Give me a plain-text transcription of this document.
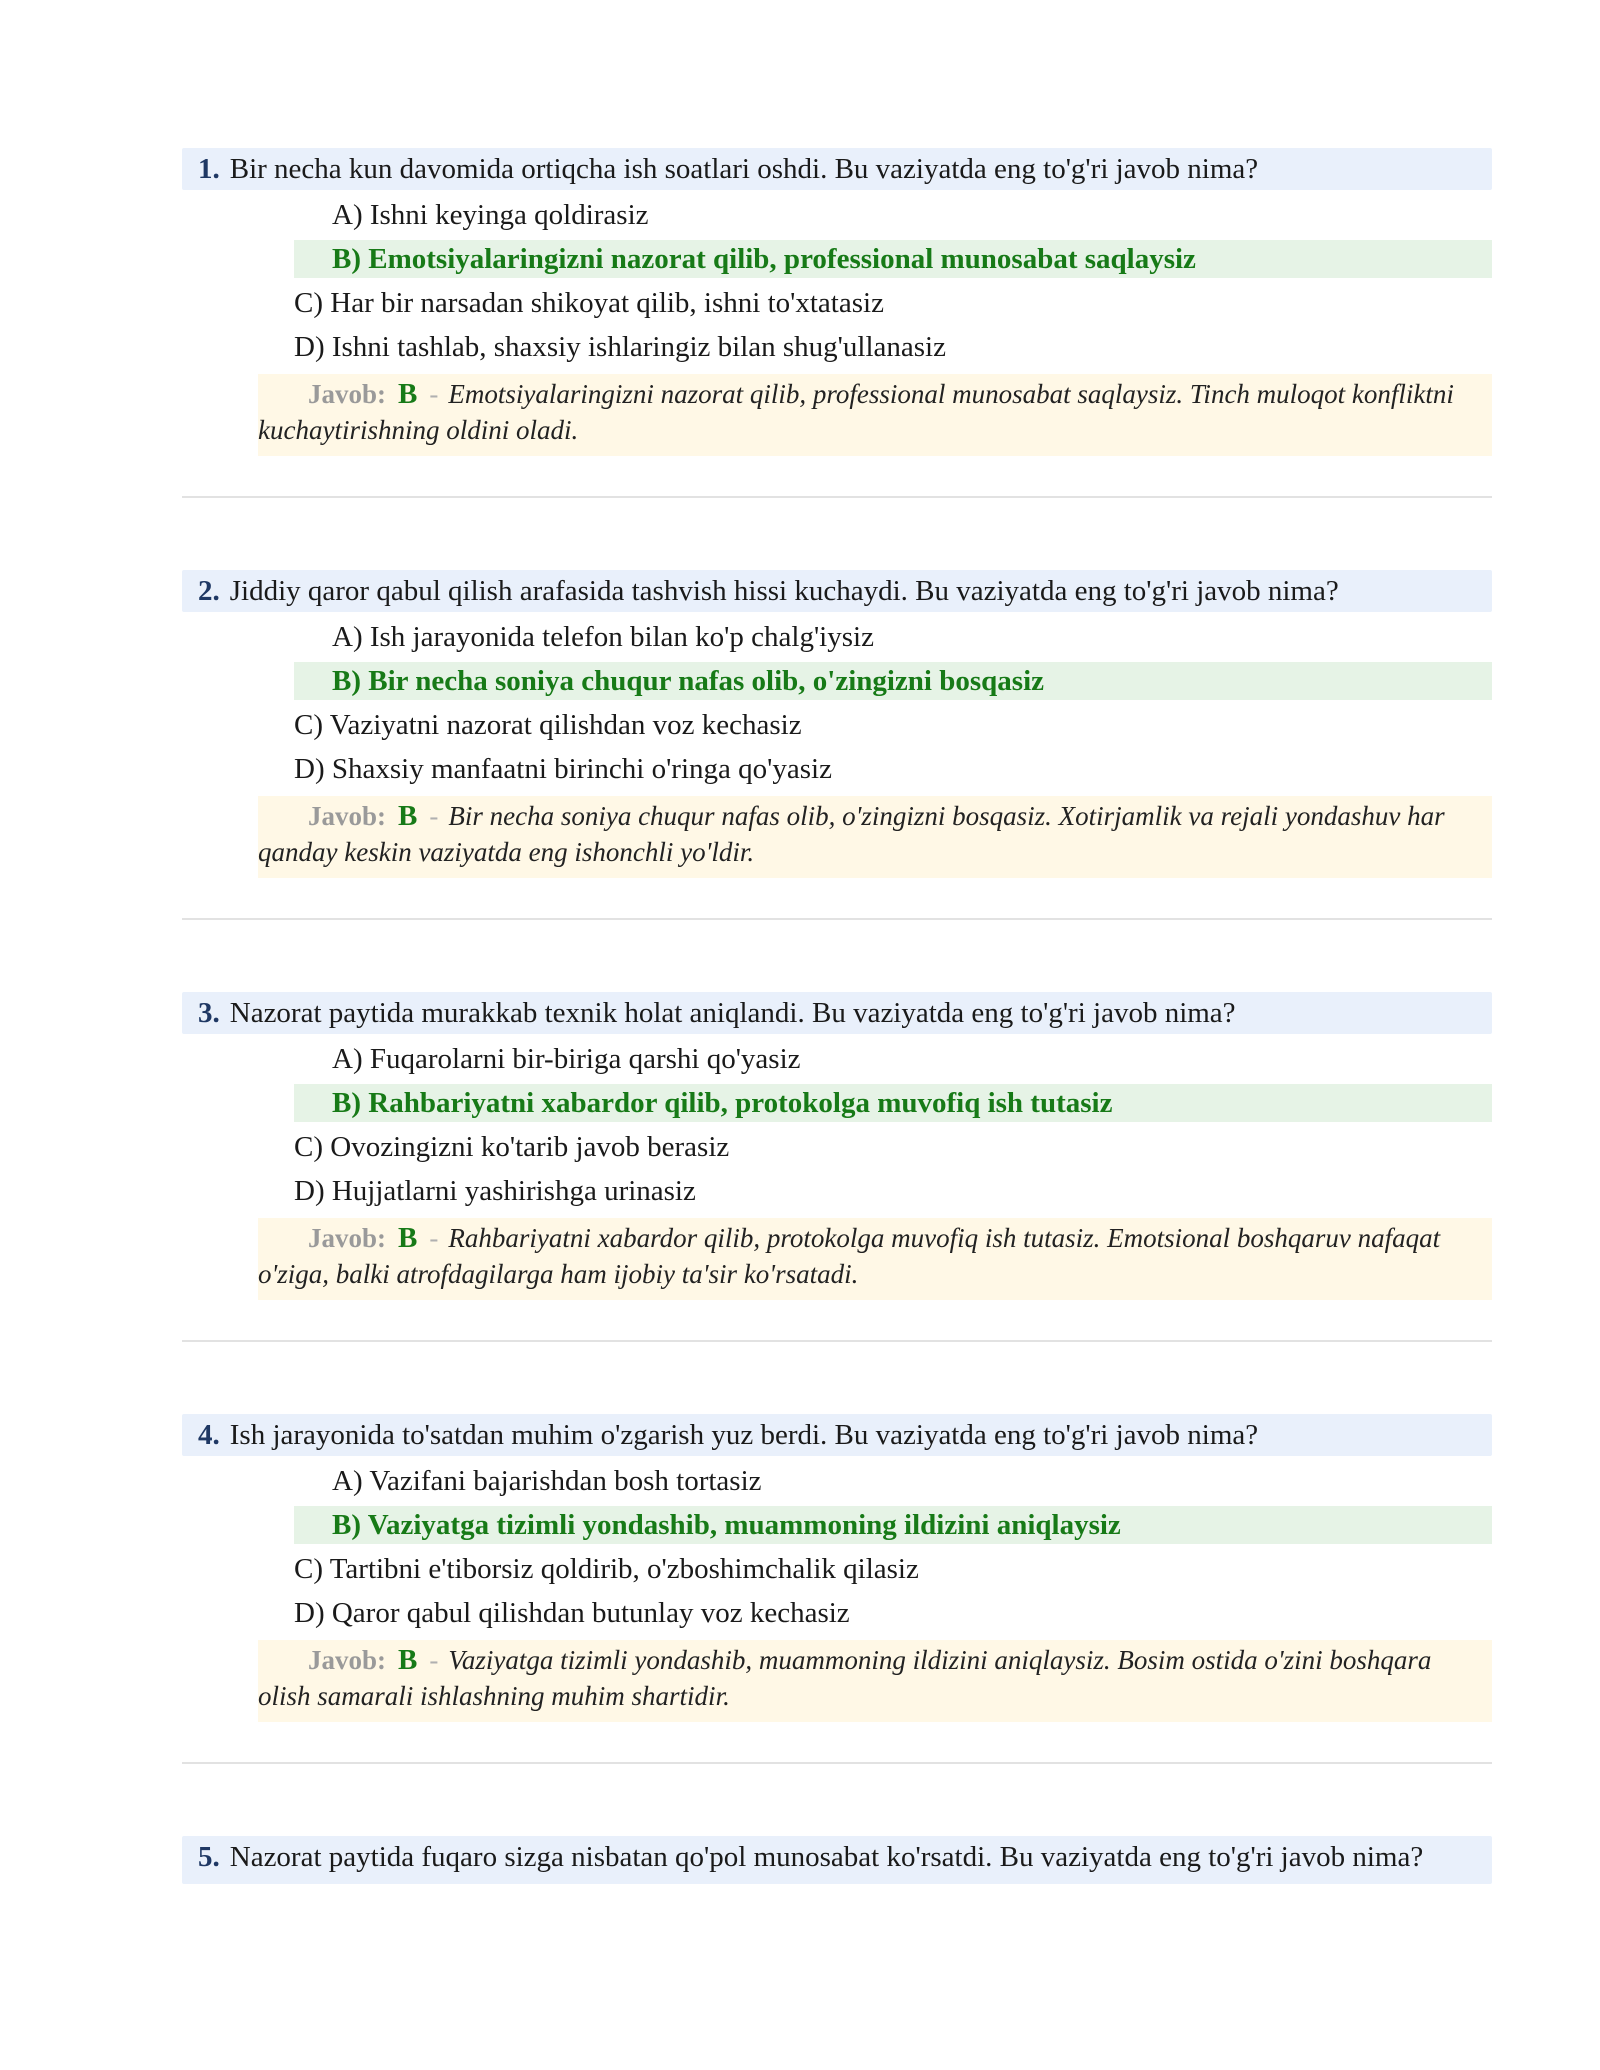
1. Bir necha kun davomida ortiqcha ish soatlari oshdi. Bu vaziyatda eng to'g'ri javob nima?
A) Ishni keyinga qoldirasiz
B) Emotsiyalaringizni nazorat qilib, professional munosabat saqlaysiz
C) Har bir narsadan shikoyat qilib, ishni to'xtatasiz
D) Ishni tashlab, shaxsiy ishlaringiz bilan shug'ullanasiz
Javob: B - Emotsiyalaringizni nazorat qilib, professional munosabat saqlaysiz. Tinch muloqot konfliktni kuchaytirishning oldini oladi.
2. Jiddiy qaror qabul qilish arafasida tashvish hissi kuchaydi. Bu vaziyatda eng to'g'ri javob nima?
A) Ish jarayonida telefon bilan ko'p chalg'iysiz
B) Bir necha soniya chuqur nafas olib, o'zingizni bosqasiz
C) Vaziyatni nazorat qilishdan voz kechasiz
D) Shaxsiy manfaatni birinchi o'ringa qo'yasiz
Javob: B - Bir necha soniya chuqur nafas olib, o'zingizni bosqasiz. Xotirjamlik va rejali yondashuv har qanday keskin vaziyatda eng ishonchli yo'ldir.
3. Nazorat paytida murakkab texnik holat aniqlandi. Bu vaziyatda eng to'g'ri javob nima?
A) Fuqarolarni bir-biriga qarshi qo'yasiz
B) Rahbariyatni xabardor qilib, protokolga muvofiq ish tutasiz
C) Ovozingizni ko'tarib javob berasiz
D) Hujjatlarni yashirishga urinasiz
Javob: B - Rahbariyatni xabardor qilib, protokolga muvofiq ish tutasiz. Emotsional boshqaruv nafaqat o'ziga, balki atrofdagilarga ham ijobiy ta'sir ko'rsatadi.
4. Ish jarayonida to'satdan muhim o'zgarish yuz berdi. Bu vaziyatda eng to'g'ri javob nima?
A) Vazifani bajarishdan bosh tortasiz
B) Vaziyatga tizimli yondashib, muammoning ildizini aniqlaysiz
C) Tartibni e'tiborsiz qoldirib, o'zboshimchalik qilasiz
D) Qaror qabul qilishdan butunlay voz kechasiz
Javob: B - Vaziyatga tizimli yondashib, muammoning ildizini aniqlaysiz. Bosim ostida o'zini boshqara olish samarali ishlashning muhim shartidir.
5. Nazorat paytida fuqaro sizga nisbatan qo'pol munosabat ko'rsatdi. Bu vaziyatda eng to'g'ri javob nima?
